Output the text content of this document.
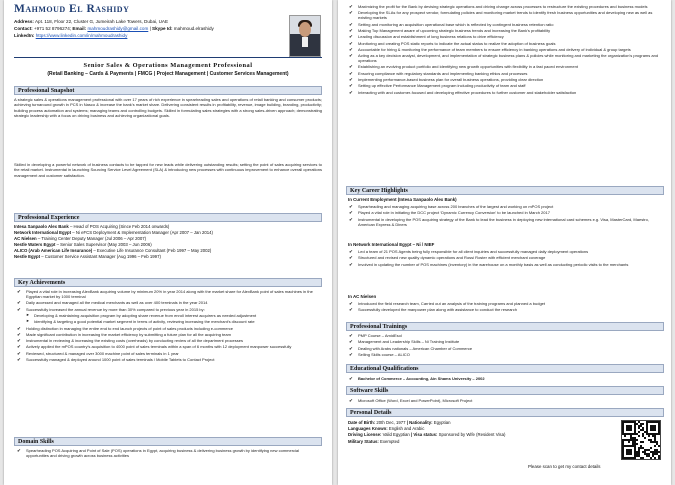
Mahmoud El Rashidy
Address: Apt. 118, Floor 22, Cluster G, Jumeirah Lake Towers, Dubai, UAE
Contact: +971 52 8796274; Email: mahmoudrashidy@gmail.com | Skype Id: mahmoud.elrashidy
LinkedIn: https://www.linkedin.com/in/mahmoudrashidy
Senior Sales & Operations Management Professional
(Retail Banking – Cards & Payments | FMCG | Project Management | Customer Services Management)
Professional Snapshot
A strategic sales & operations management professional with over 17 years of rich experience in spearheading sales and operations of retail banking and consumer products; achieving turnaround growth in PCS in Nasco & increase the bank's market share. Delivering consistent results in profitability, revenue, image building, branding, productivity; building process automation and systems; managing teams and controlling budgets. Skilled in formulating sales strategies with a strong sales-driven approach; demonstrating strategic leadership with a focus on driving business and achieving organizational goals.
Skilled in developing a powerful network of business contacts to be tapped for new leads while delivering outstanding results; setting the point of sales acquiring services to the retail market. Instrumental in launching Sourcing Service Level Agreement (SLA) & introducing new processes with continuous improvement to enhance overall operations management and customer satisfaction.
Professional Experience
Intesa Sanpaolo Alex Bank – Head of POS Acquiring (Since Feb 2014 onwards)
Network International Egypt – Ni eFCS Deployment & Implementation Manager (Apr 2007 – Jan 2014)
AC Nielsen – Training Center Deputy Manager (Jul 2006 – Apr 2007)
Nestle Waters Egypt – Senior Sales Supervisor (May 2003 – Jun 2006)
ALICO (Arab American Life Insurance) – Executive Life Insurance Consultant (Feb 1997 – May 2002)
Nestle Egypt – Customer Service Assistant Manager (Aug 1996 – Feb 1997)
Key Achievements
✔ Played a vital role in increasing AlexBank acquiring volume by minimum 20% in year 2014 along with the market share for AlexBank point of sales machines in the Egyptian market by 1000 terminal
✔ Daily accessed and managed all the medical merchants as well as over 400 terminals in the year 2014
✔ Successfully increased the annual revenue by more than 30% compared to previous year in 2015 by:
► Developing & maintaining acquisition program by adopting share revenue from enroll interest acquirers as needed adjustment
► Identifying & targeting a good potential market segment in terms of activity, reviewing increasing the merchant's discount rate
✔ Holding distinction in managing the entire end to end launch projects of point of sales products including e-commerce
✔ Made significant contribution in increasing the market efficiency by submitting a future plan for all the acquiring team
✔ Instrumental in reviewing & increasing the existing costs (overheads) by conducting review of all the department processes
✔ Actively applied the mPOS country's acquisition to 4000 point of sales terminals within a span of 6 months with 12 deployment manpower successfully
✔ Reviewed, structured & managed over 3000 machine point of sales terminals in 1 year
✔ Successfully managed & deployed around 1000 point of sales terminals / Mobile Tablets to Contact Project
Domain Skills
✔ Spearheading POS Acquiring and Point of Sale (POS) operations in Egypt, acquiring business & delivering business growth by identifying new commercial opportunities and driving growth across business activities
✔ Maximizing the profit for the Bank by devising strategic operations and driving change across processes to restructure the existing procedures and business models
✔ Developing the SLAs for any prospect vendor, formulating policies and monitoring market trends to identify fresh business opportunities and developing new as well as existing markets
✔ Setting and monitoring an acquisition operational base which is reflected by contingent business retention ratio
✔ Making Top Management aware of upcoming strategic business trends and increasing the Bank's profitability
✔ Leading discussion and establishment of long business relations to drive efficiency
✔ Monitoring and creating POS static reports to indicate the actual status to realize the adoption of business goals
✔ Accountable for hiring & monitoring the performance of team members to ensure efficiency in banking operations and delivery of individual & group targets
✔ Acting as a key decision analyst, development, and implementation of strategic business plans & policies while monitoring and marketing the organization's programs and operations
✔ Establishing an evolving product portfolio and identifying new growth opportunities with flexibility in a fast paced environment
✔ Ensuring compliance with regulatory standards and implementing banking ethics and processes
✔ Implementing performance-based business plan for overall business operations, providing clear direction
✔ Setting up effective Performance Management program including productivity of team and staff
✔ Interacting with and customer-focused and developing effective procedures to further customer and stakeholder satisfaction
Key Career Highlights
In Current Employment (Intesa Sanpaolo Alex Bank)
✔ Spearheading and managing acquiring base across 200 branches of the largest and working on mPOS project
✔ Played a vital role in initiating the DCC project ‘Dynamic Currency Conversion’ to be launched in March 2017
✔ Instrumental in developing the POS acquiring strategy of the Bank to lead the business in deploying new international card schemes e.g. Visa, MasterCard, Maestro, American Express & Diners
In Network International Egypt – Ni / NIEF
✔ Led a team of 21 POS Agents being fully responsible for all client inquiries and successfully managed daily deployment operations
✔ Structured and revised new quality dynamic operations and Rossi Roster with efficient merchant coverage
✔ Involved in updating the number of POS machines (inventory) in the warehouse on a monthly basis as well as conducting periodic visits to the merchants
In AC Nielsen
✔ Introduced the field research team, Carried out an analysis of the training programs and planned a budget
✔ Successfully developed the manpower plan along with assistance to conduct the research
Professional Trainings
✔ PMP Course – AmidEsol
✔ Management and Leadership Skills – Ni Training Institute
✔ Dealing with Arabs nationals – American Chamber of Commerce
✔ Selling Skills course – ALICO
Educational Qualifications
✔ Bachelor of Commerce – Accounting, Ain Shams University – 2002
Software Skills
✔ Microsoft Office (Word, Excel and PowerPoint), Microsoft Project
Personal Details
Date of Birth: 20th Dec, 1977 | Nationality: Egyptian
Languages Known: English and Arabic
Driving License: Valid Egyptian | Visa status: Sponsored by Wife (Resident Visa)
Military Status: Exempted
Please scan to get my contact details
